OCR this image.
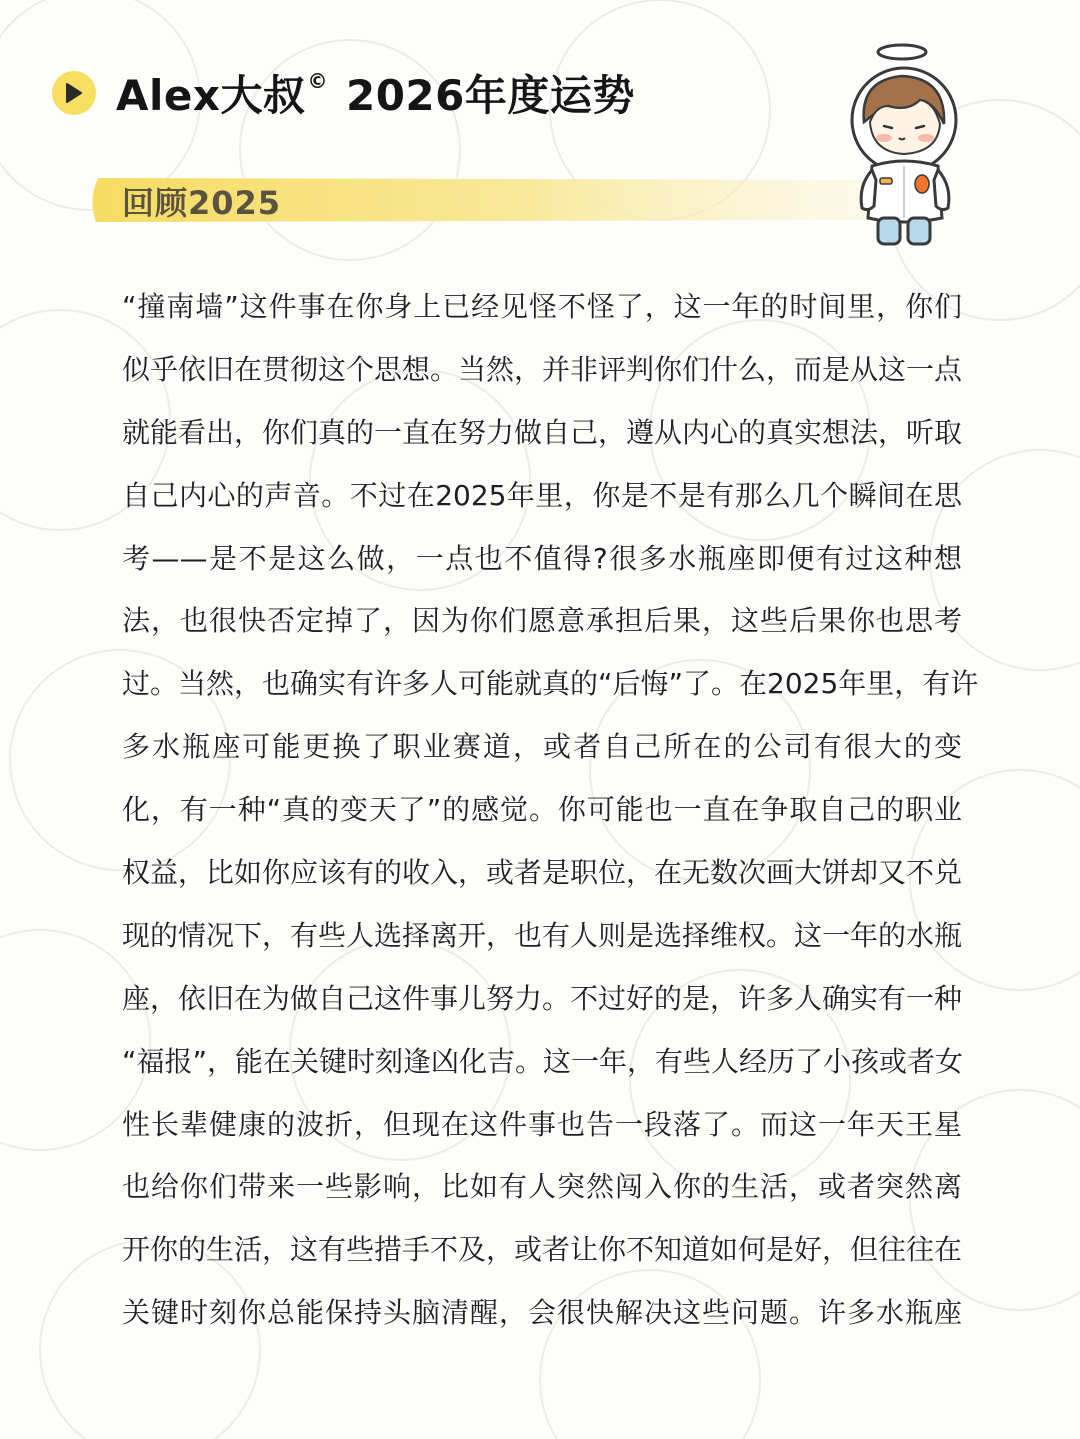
Alex大叔 © 2026年度运势
回顾2025
“撞南墙”这件事在你身上已经见怪不怪了，这一年的时间里，你们
似乎依旧在贯彻这个思想。当然，并非评判你们什么，而是从这一点
就能看出，你们真的一直在努力做自己，遵从内心的真实想法，听取
自己内心的声音。不过在2025年里，你是不是有那么几个瞬间在思
考——是不是这么做，一点也不值得?很多水瓶座即便有过这种想
法，也很快否定掉了，因为你们愿意承担后果，这些后果你也思考
过。当然，也确实有许多人可能就真的“后悔”了。在2025年里，有许
多水瓶座可能更换了职业赛道，或者自己所在的公司有很大的变
化，有一种“真的变天了”的感觉。你可能也一直在争取自己的职业
权益，比如你应该有的收入，或者是职位，在无数次画大饼却又不兑
现的情况下，有些人选择离开，也有人则是选择维权。这一年的水瓶
座，依旧在为做自己这件事儿努力。不过好的是，许多人确实有一种
“福报”，能在关键时刻逢凶化吉。这一年，有些人经历了小孩或者女
性长辈健康的波折，但现在这件事也告一段落了。而这一年天王星
也给你们带来一些影响，比如有人突然闯入你的生活，或者突然离
开你的生活，这有些措手不及，或者让你不知道如何是好，但往往在
关键时刻你总能保持头脑清醒，会很快解决这些问题。许多水瓶座
